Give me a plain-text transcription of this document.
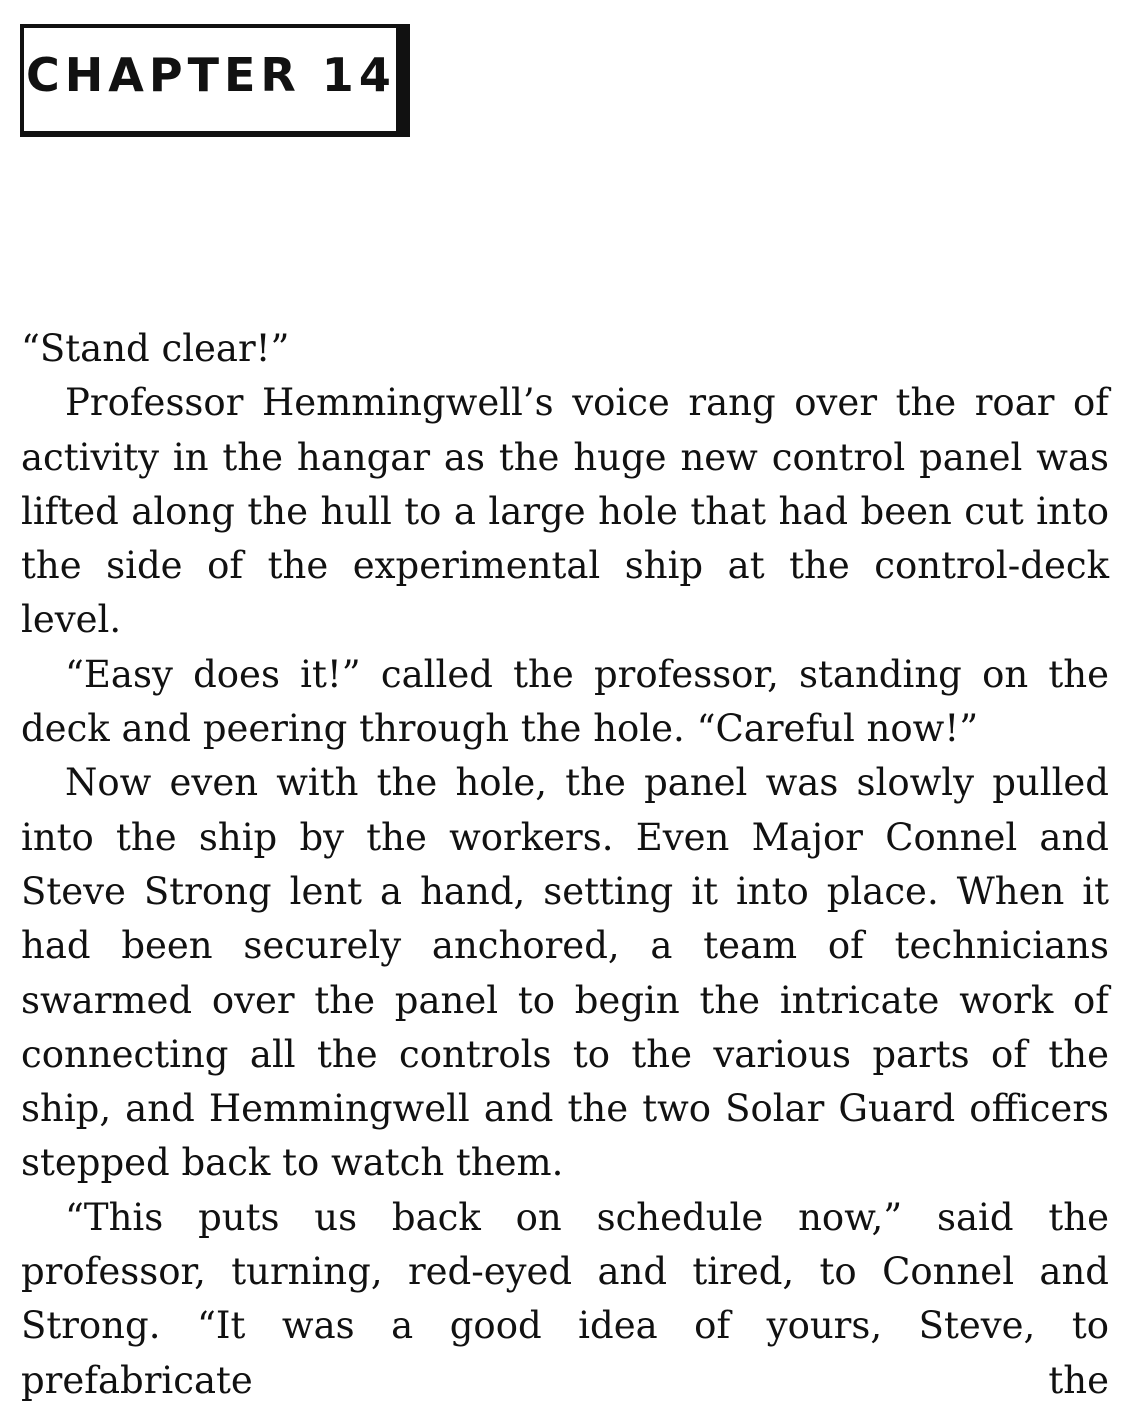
CHAPTER 14

“Stand clear!”

Professor Hemmingwell’s voice rang over the roar of activity in the hangar as the huge new control panel was lifted along the hull to a large hole that had been cut into the side of the experimental ship at the control-deck level.

“Easy does it!” called the professor, standing on the deck and peering through the hole. “Careful now!”

Now even with the hole, the panel was slowly pulled into the ship by the workers. Even Major Connel and Steve Strong lent a hand, setting it into place. When it had been securely anchored, a team of technicians swarmed over the panel to begin the intricate work of connecting all the controls to the various parts of the ship, and Hemmingwell and the two Solar Guard officers stepped back to watch them.

“This puts us back on schedule now,” said the professor, turning, red-eyed and tired, to Connel and Strong. “It was a good idea of yours, Steve, to prefabricate the
